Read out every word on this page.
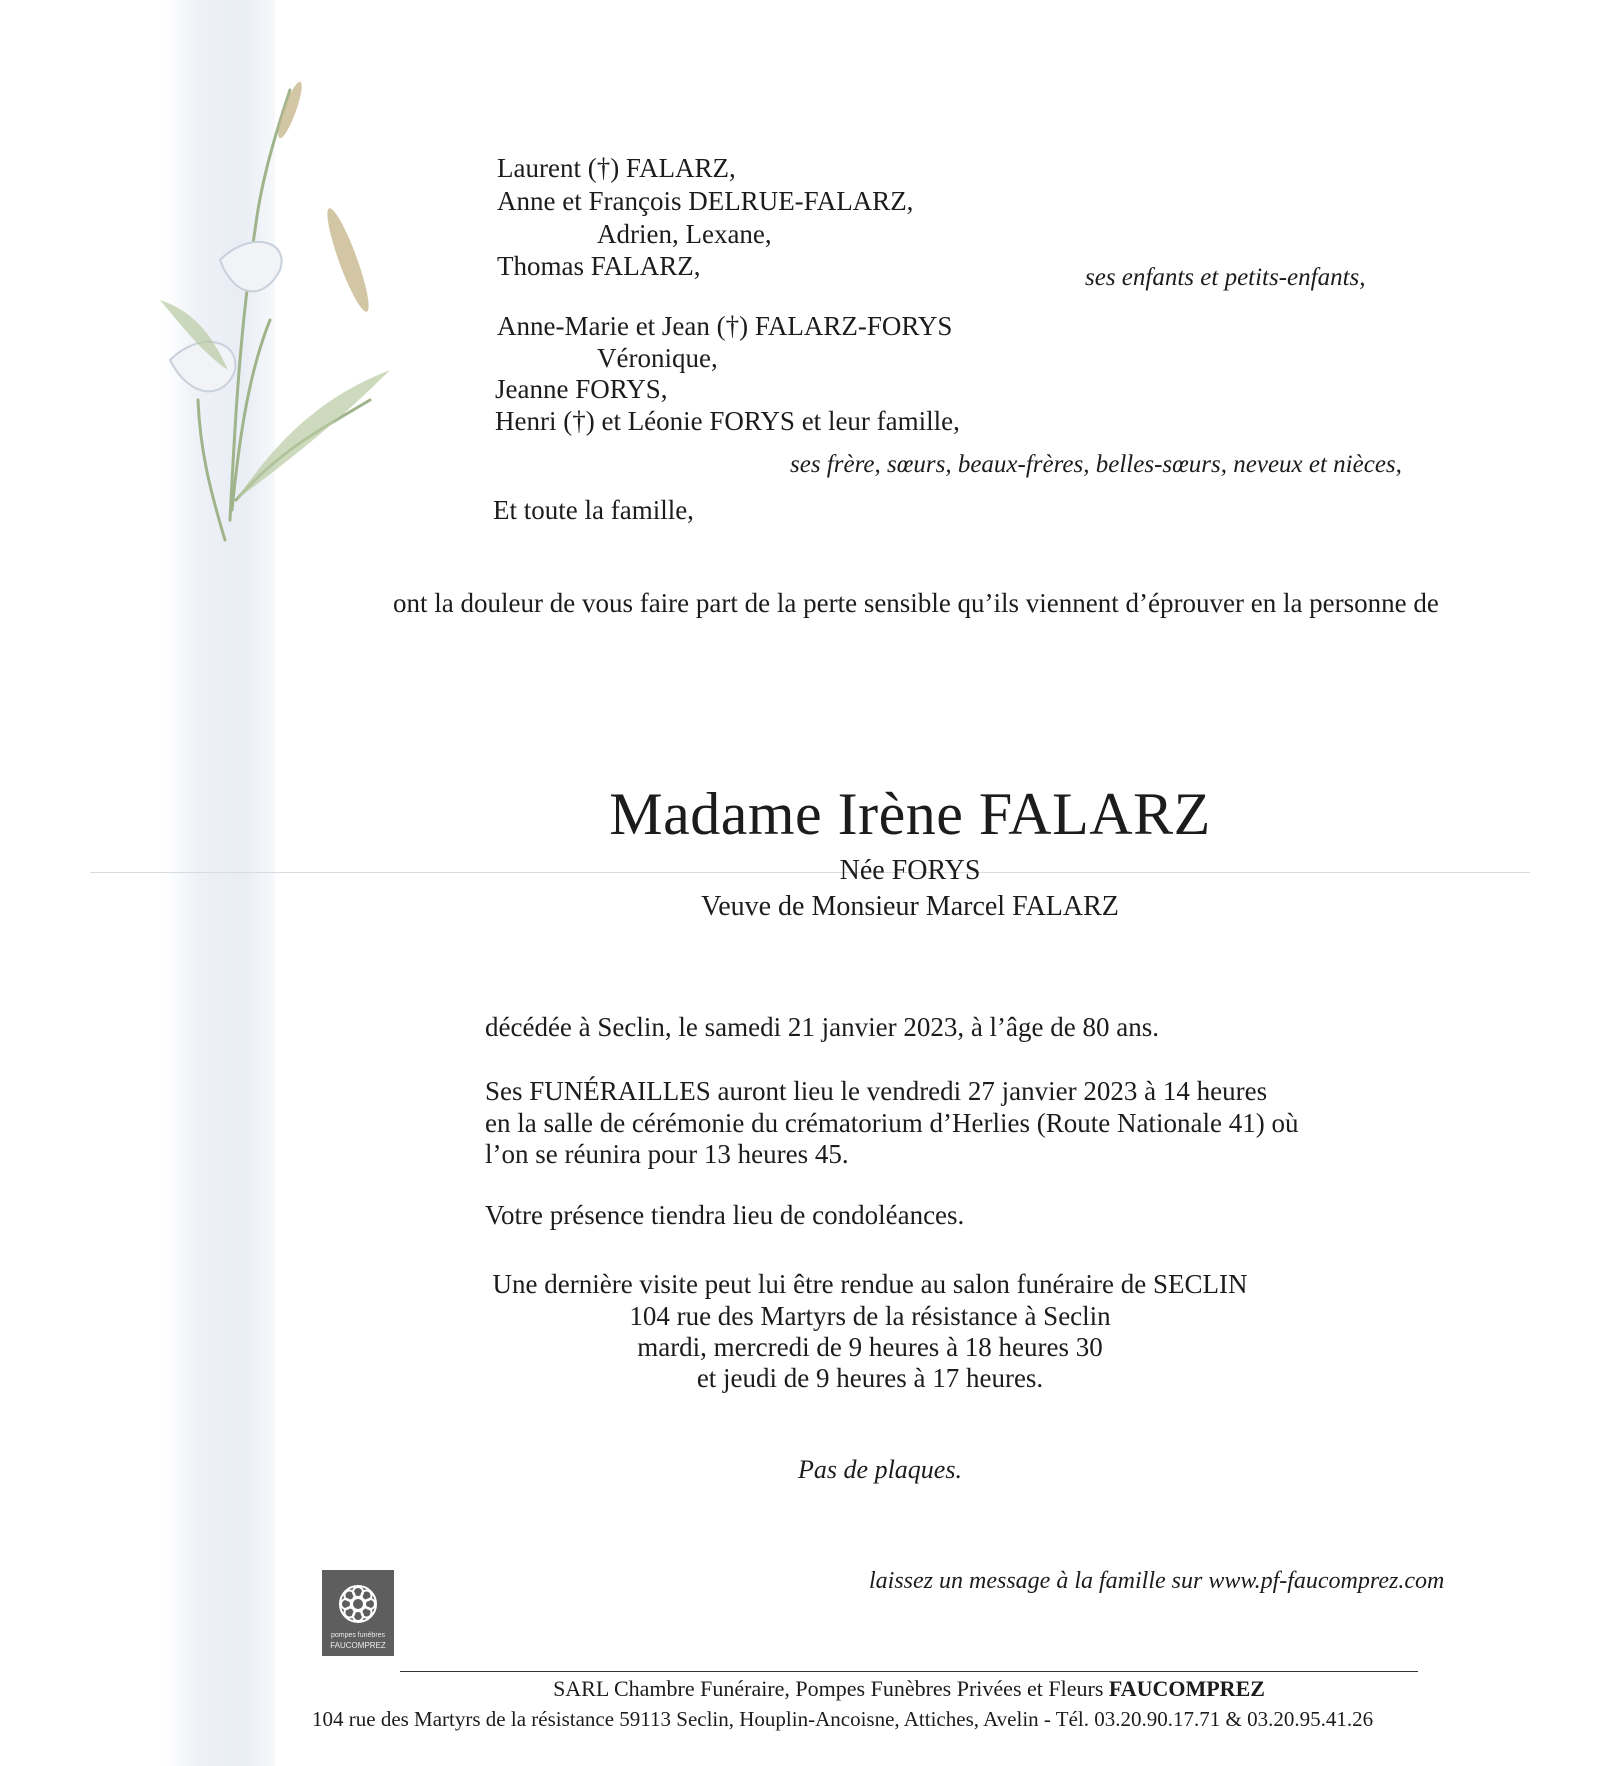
Laurent (†) FALARZ,
Anne et François DELRUE-FALARZ,
Adrien, Lexane,
Thomas FALARZ,	ses enfants et petits-enfants,
Anne-Marie et Jean (†) FALARZ-FORYS
Véronique,
Jeanne FORYS,
Henri (†) et Léonie FORYS et leur famille,
ses frère, sœurs, beaux-frères, belles-sœurs, neveux et nièces,
Et toute la famille,
ont la douleur de vous faire part de la perte sensible qu’ils viennent d’éprouver en la personne de
Madame Irène FALARZ
Née FORYS
Veuve de Monsieur Marcel FALARZ
décédée à Seclin, le samedi 21 janvier 2023, à l’âge de 80 ans.
Ses FUNÉRAILLES auront lieu le vendredi 27 janvier 2023 à 14 heures
en la salle de cérémonie du crématorium d’Herlies (Route Nationale 41) où
l’on se réunira pour 13 heures 45.
Votre présence tiendra lieu de condoléances.
Une dernière visite peut lui être rendue au salon funéraire de SECLIN
104 rue des Martyrs de la résistance à Seclin
mardi, mercredi de 9 heures à 18 heures 30
et jeudi de 9 heures à 17 heures.
Pas de plaques.
laissez un message à la famille sur www.pf-faucomprez.com
pompes funèbres
FAUCOMPREZ
SARL Chambre Funéraire, Pompes Funèbres Privées et Fleurs FAUCOMPREZ
104 rue des Martyrs de la résistance 59113 Seclin, Houplin-Ancoisne, Attiches, Avelin - Tél. 03.20.90.17.71 & 03.20.95.41.26
